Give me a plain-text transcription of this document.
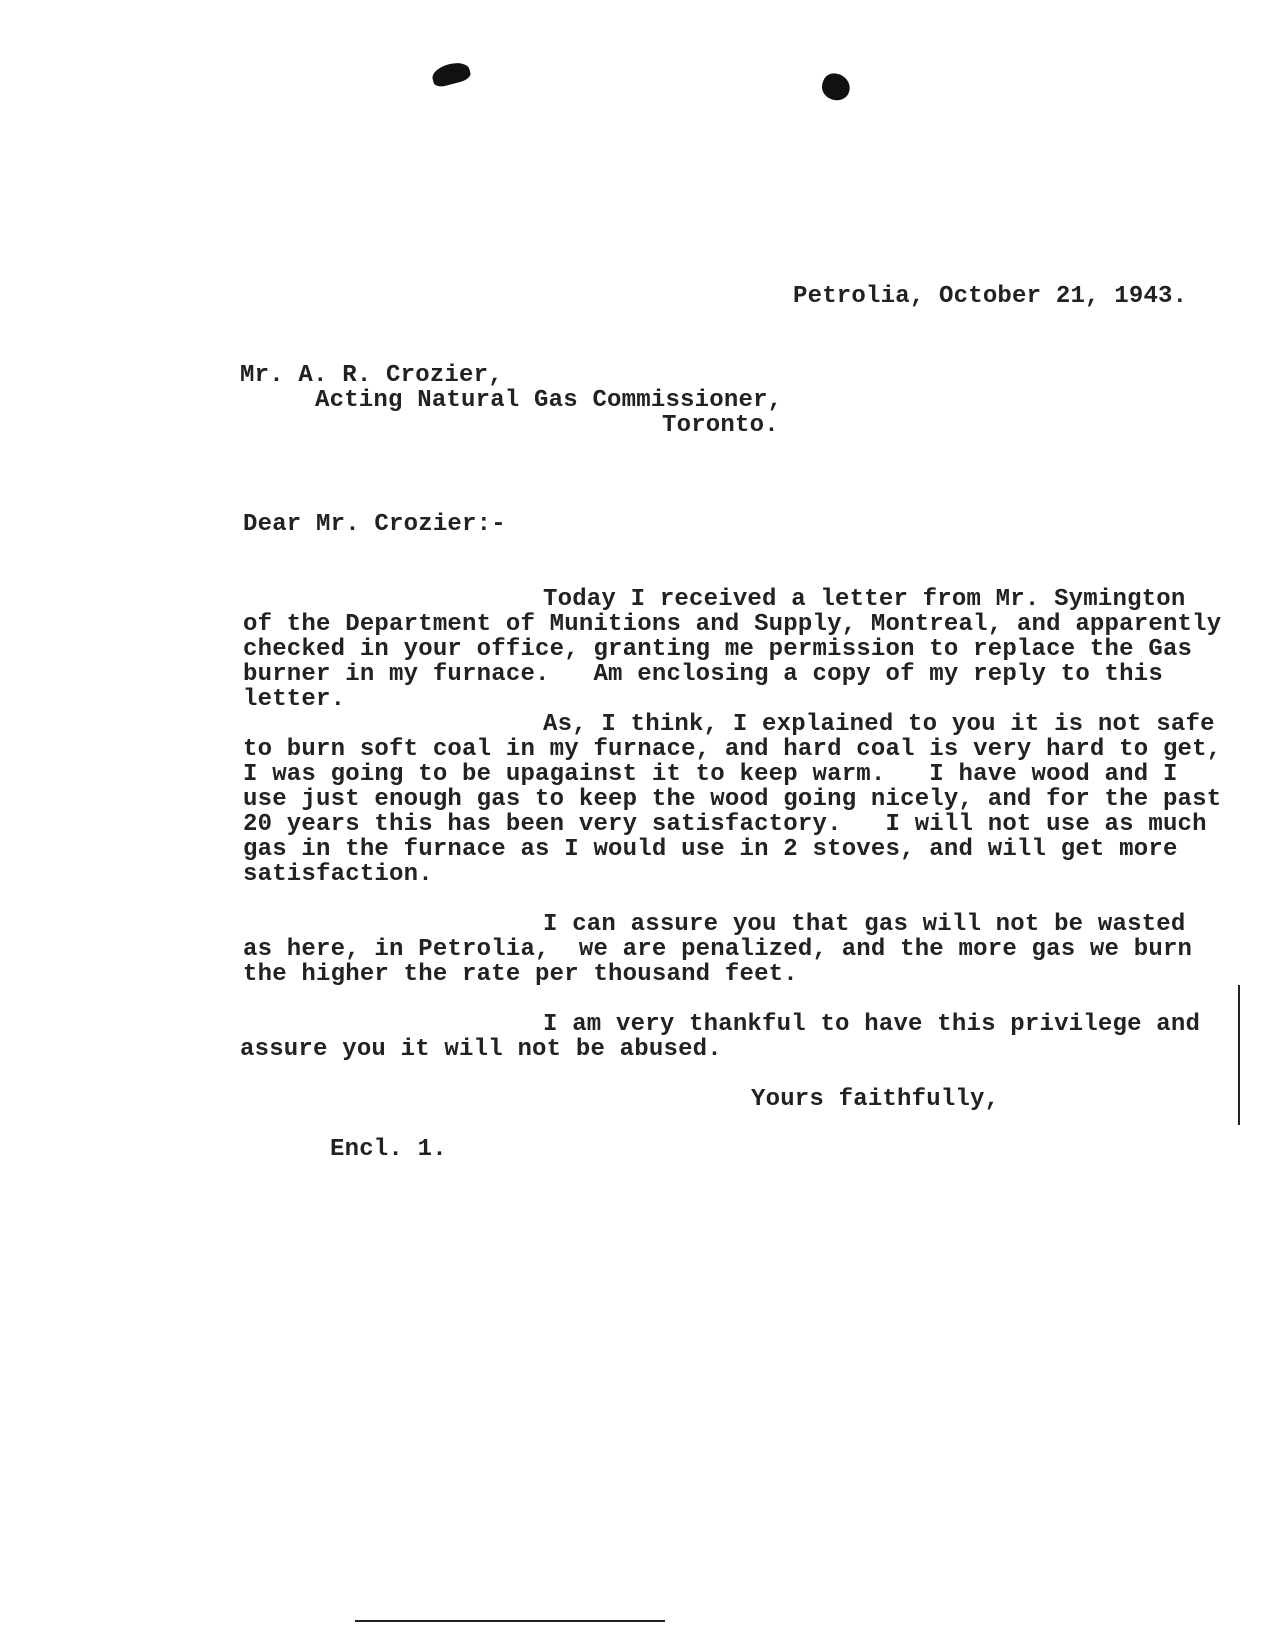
Petrolia, October 21, 1943.
Mr. A. R. Crozier,
Acting Natural Gas Commissioner,
Toronto.
Dear Mr. Crozier:-
Today I received a letter from Mr. Symington
of the Department of Munitions and Supply, Montreal, and apparently
checked in your office, granting me permission to replace the Gas
burner in my furnace.   Am enclosing a copy of my reply to this
letter.
As, I think, I explained to you it is not safe
to burn soft coal in my furnace, and hard coal is very hard to get,
I was going to be upagainst it to keep warm.   I have wood and I
use just enough gas to keep the wood going nicely, and for the past
20 years this has been very satisfactory.   I will not use as much
gas in the furnace as I would use in 2 stoves, and will get more
satisfaction.
I can assure you that gas will not be wasted
as here, in Petrolia,  we are penalized, and the more gas we burn
the higher the rate per thousand feet.
I am very thankful to have this privilege and
assure you it will not be abused.
Yours faithfully,
Encl. 1.
